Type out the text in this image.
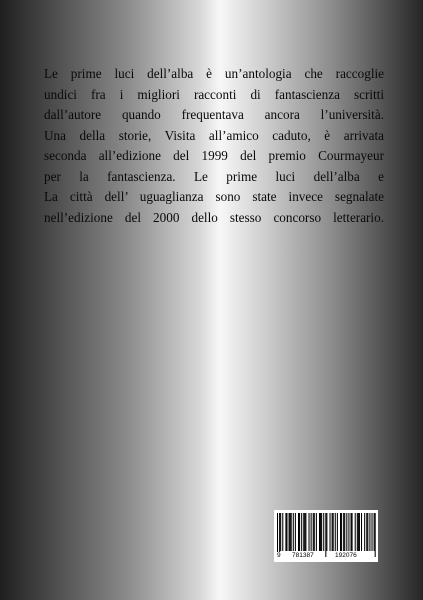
Le prime luci dell’alba è un’antologia che raccoglie
undici fra i migliori racconti di fantascienza scritti
dall’autore quando frequentava ancora l’università.
Una della storie, Visita all’amico caduto, è arrivata
seconda all’edizione del 1999 del premio Courmayeur
per la fantascienza. Le prime luci dell’alba e
La città dell’ uguaglianza sono state invece segnalate
nell’edizione del 2000 dello stesso concorso letterario.

9 781387	192076
